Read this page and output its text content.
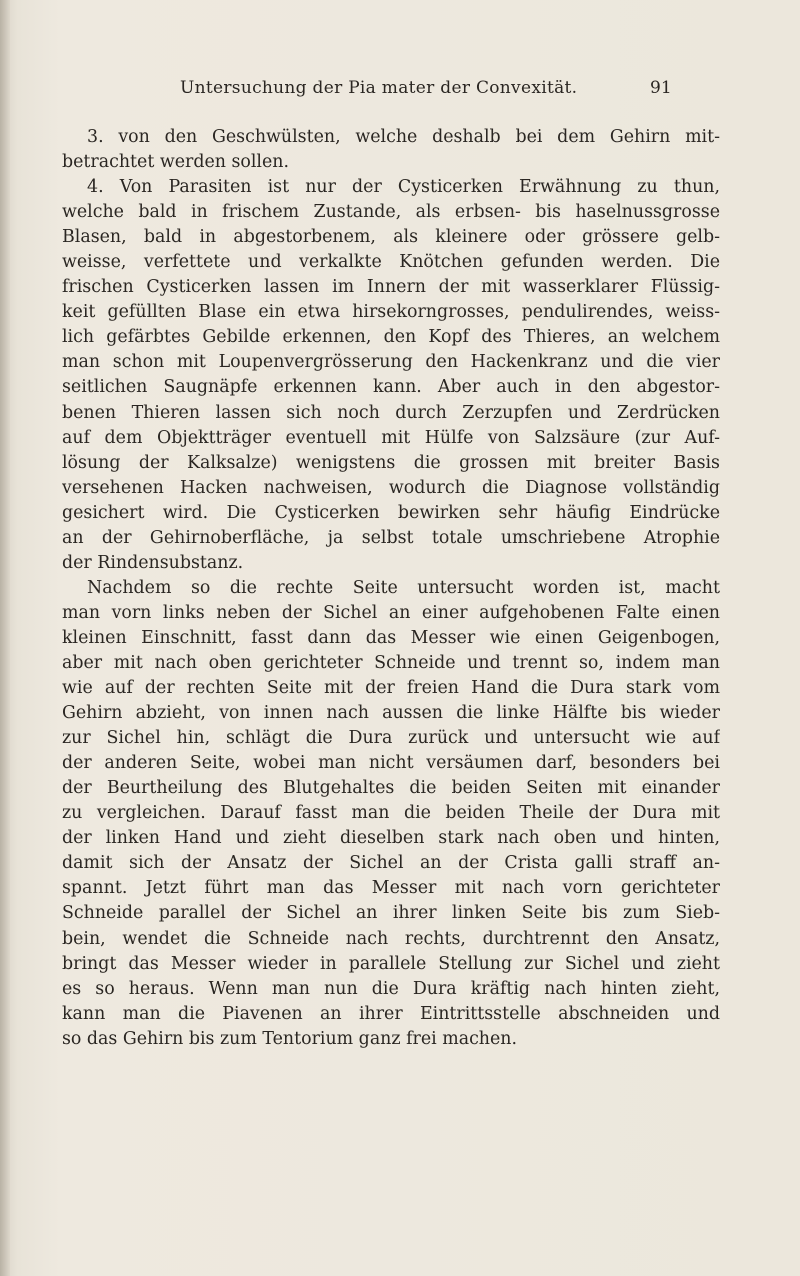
Untersuchung der Pia mater der Convexität.	91
3. von den Geschwülsten, welche deshalb bei dem Gehirn mit-
betrachtet werden sollen.
4. Von Parasiten ist nur der Cysticerken Erwähnung zu thun,
welche bald in frischem Zustande, als erbsen- bis haselnussgrosse
Blasen, bald in abgestorbenem, als kleinere oder grössere gelb-
weisse, verfettete und verkalkte Knötchen gefunden werden. Die
frischen Cysticerken lassen im Innern der mit wasserklarer Flüssig-
keit gefüllten Blase ein etwa hirsekorngrosses, pendulirendes, weiss-
lich gefärbtes Gebilde erkennen, den Kopf des Thieres, an welchem
man schon mit Loupenvergrösserung den Hackenkranz und die vier
seitlichen Saugnäpfe erkennen kann. Aber auch in den abgestor-
benen Thieren lassen sich noch durch Zerzupfen und Zerdrücken
auf dem Objektträger eventuell mit Hülfe von Salzsäure (zur Auf-
lösung der Kalksalze) wenigstens die grossen mit breiter Basis
versehenen Hacken nachweisen, wodurch die Diagnose vollständig
gesichert wird. Die Cysticerken bewirken sehr häufig Eindrücke
an der Gehirnoberfläche, ja selbst totale umschriebene Atrophie
der Rindensubstanz.
Nachdem so die rechte Seite untersucht worden ist, macht
man vorn links neben der Sichel an einer aufgehobenen Falte einen
kleinen Einschnitt, fasst dann das Messer wie einen Geigenbogen,
aber mit nach oben gerichteter Schneide und trennt so, indem man
wie auf der rechten Seite mit der freien Hand die Dura stark vom
Gehirn abzieht, von innen nach aussen die linke Hälfte bis wieder
zur Sichel hin, schlägt die Dura zurück und untersucht wie auf
der anderen Seite, wobei man nicht versäumen darf, besonders bei
der Beurtheilung des Blutgehaltes die beiden Seiten mit einander
zu vergleichen. Darauf fasst man die beiden Theile der Dura mit
der linken Hand und zieht dieselben stark nach oben und hinten,
damit sich der Ansatz der Sichel an der Crista galli straff an-
spannt. Jetzt führt man das Messer mit nach vorn gerichteter
Schneide parallel der Sichel an ihrer linken Seite bis zum Sieb-
bein, wendet die Schneide nach rechts, durchtrennt den Ansatz,
bringt das Messer wieder in parallele Stellung zur Sichel und zieht
es so heraus. Wenn man nun die Dura kräftig nach hinten zieht,
kann man die Piavenen an ihrer Eintrittsstelle abschneiden und
so das Gehirn bis zum Tentorium ganz frei machen.
